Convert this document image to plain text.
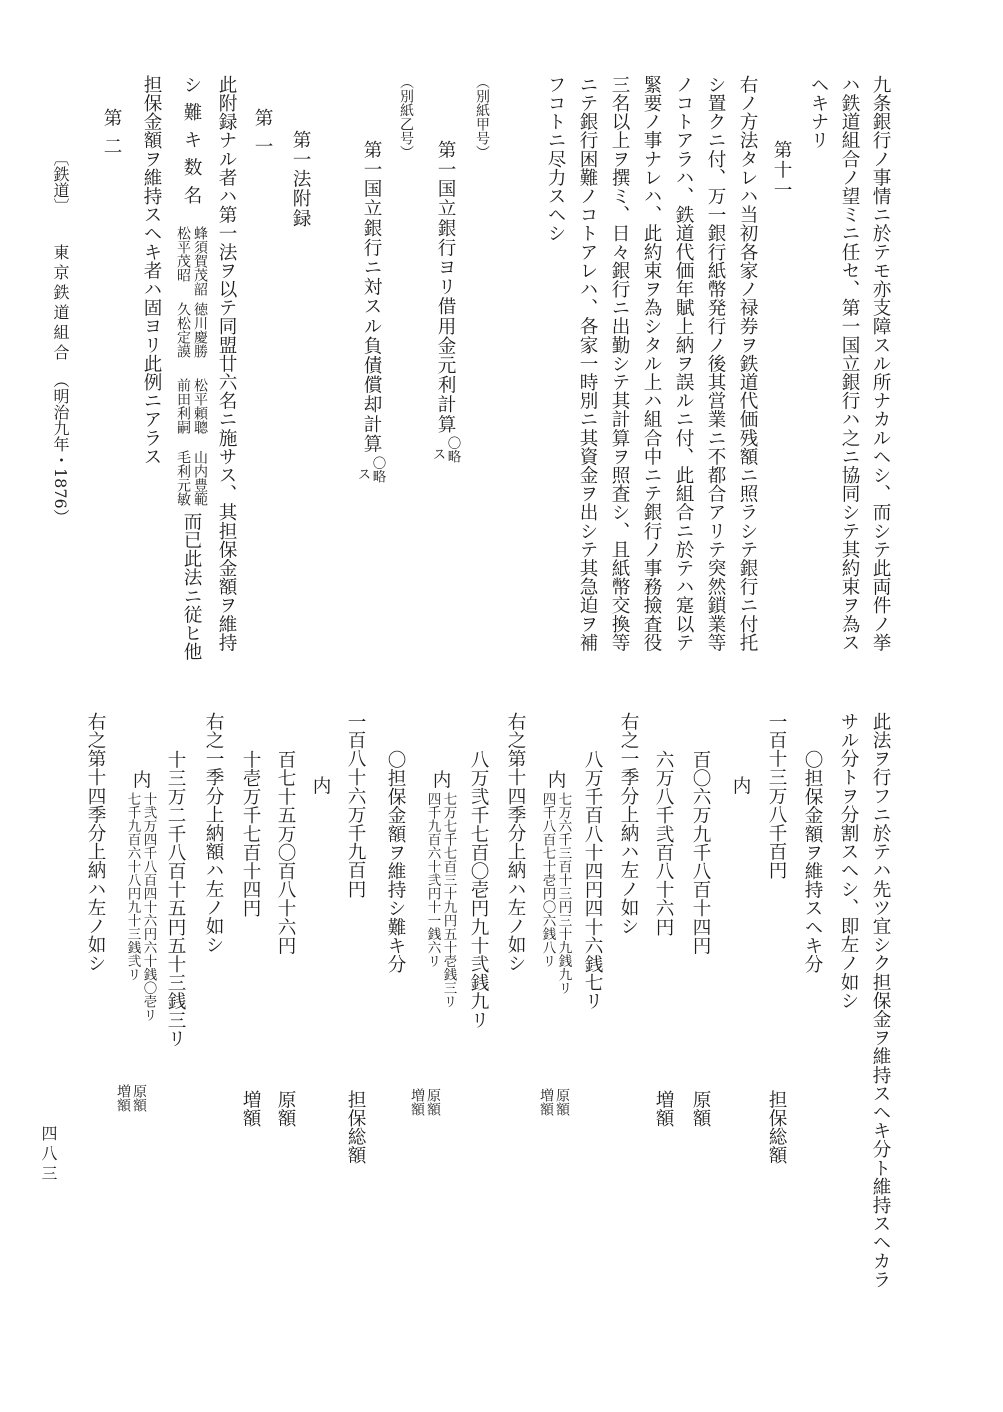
九条銀行ノ事情ニ於テモ亦支障スル所ナカルヘシ、而シテ此両件ノ挙
ハ鉄道組合ノ望ミニ任セ、第一国立銀行ハ之ニ協同シテ其約束ヲ為ス
ヘキナリ
第十一
右ノ方法タレハ当初各家ノ禄券ヲ鉄道代価残額ニ照ラシテ銀行ニ付托
シ置クニ付、万一銀行紙幣発行ノ後其営業ニ不都合アリテ突然鎖業等
ノコトアラハ、鉄道代価年賦上納ヲ誤ルニ付、此組合ニ於テハ寔以テ
緊要ノ事ナレハ、此約束ヲ為シタル上ハ組合中ニテ銀行ノ事務撿査役
三名以上ヲ撰ミ、日々銀行ニ出勤シテ其計算ヲ照査シ、且紙幣交換等
ニテ銀行困難ノコトアレハ、各家一時別ニ其資金ヲ出シテ其急迫ヲ補
フコトニ尽力スヘシ
（別紙甲号）
第一国立銀行ヨリ借用金元利計算
〇略
ス
（別紙乙号）
第一国立銀行ニ対スル負債償却計算
〇略
ス
第一法附録
第一
此附録ナル者ハ第一法ヲ以テ同盟廿六名ニ施サス、其担保金額ヲ維持
シ難キ数名
蜂須賀茂韶
松平茂昭
徳川慶勝
久松定謨
松平頼聰
前田利嗣
山内豊範
毛利元敏
而已此法ニ従ヒ他
担保金額ヲ維持スヘキ者ハ固ヨリ此例ニアラス
第二
〔鉄道〕
東京鉄道組合
（明治九年・1876）
此法ヲ行フニ於テハ先ツ宜シク担保金ヲ維持スヘキ分ト維持スヘカラ
サル分トヲ分割スヘシ、即左ノ如シ
〇担保金額ヲ維持スヘキ分
一百十三万八千百円
担保総額
内
百〇六万九千八百十四円
原額
六万八千弐百八十六円
増額
右之一季分上納ハ左ノ如シ
八万千百八十四円四十六銭七リ
内
七万六千三百十三円三十九銭九リ
四千八百七十壱円〇六銭八リ
原額
増額
右之第十四季分上納ハ左ノ如シ
八万弐千七百〇壱円九十弐銭九リ
内
七万七千七百三十九円五十壱銭三リ
四千九百六十弐円十一銭六リ
原額
増額
〇担保金額ヲ維持シ難キ分
一百八十六万千九百円
担保総額
内
百七十五万〇百八十六円
原額
十壱万千七百十四円
増額
右之一季分上納額ハ左ノ如シ
十三万二千八百十五円五十三銭三リ
内
十弐万四千八百四十六円六十銭〇壱リ
七千九百六十八円九十三銭弐リ
原額
増額
右之第十四季分上納ハ左ノ如シ
四八三
